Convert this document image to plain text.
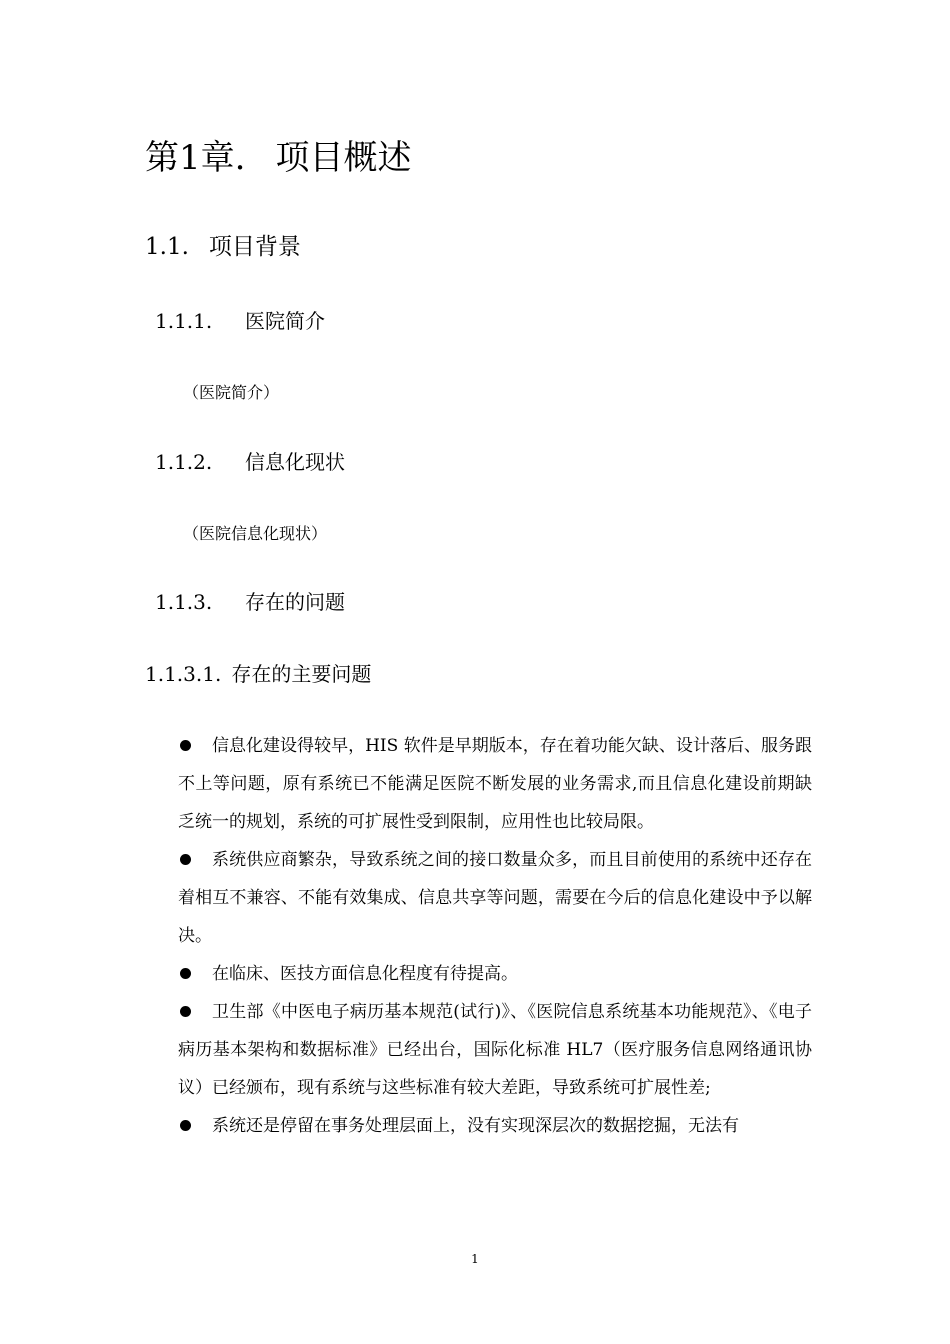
第1章. 项目概述
1.1. 项目背景
1.1.1. 医院简介
（医院简介）
1.1.2. 信息化现状
（医院信息化现状）
1.1.3. 存在的问题
1.1.3.1. 存在的主要问题
信息化建设得较早，HIS 软件是早期版本，存在着功能欠缺、设计落后、服务跟不上等问题，原有系统已不能满足医院不断发展的业务需求,而且信息化建设前期缺乏统一的规划，系统的可扩展性受到限制，应用性也比较局限。
系统供应商繁杂，导致系统之间的接口数量众多，而且目前使用的系统中还存在着相互不兼容、不能有效集成、信息共享等问题，需要在今后的信息化建设中予以解决。
在临床、医技方面信息化程度有待提高。
卫生部《中医电子病历基本规范(试行)》、《医院信息系统基本功能规范》、《电子病历基本架构和数据标准》已经出台，国际化标准 HL7（医疗服务信息网络通讯协议）已经颁布，现有系统与这些标准有较大差距，导致系统可扩展性差;
系统还是停留在事务处理层面上，没有实现深层次的数据挖掘，无法有
1
